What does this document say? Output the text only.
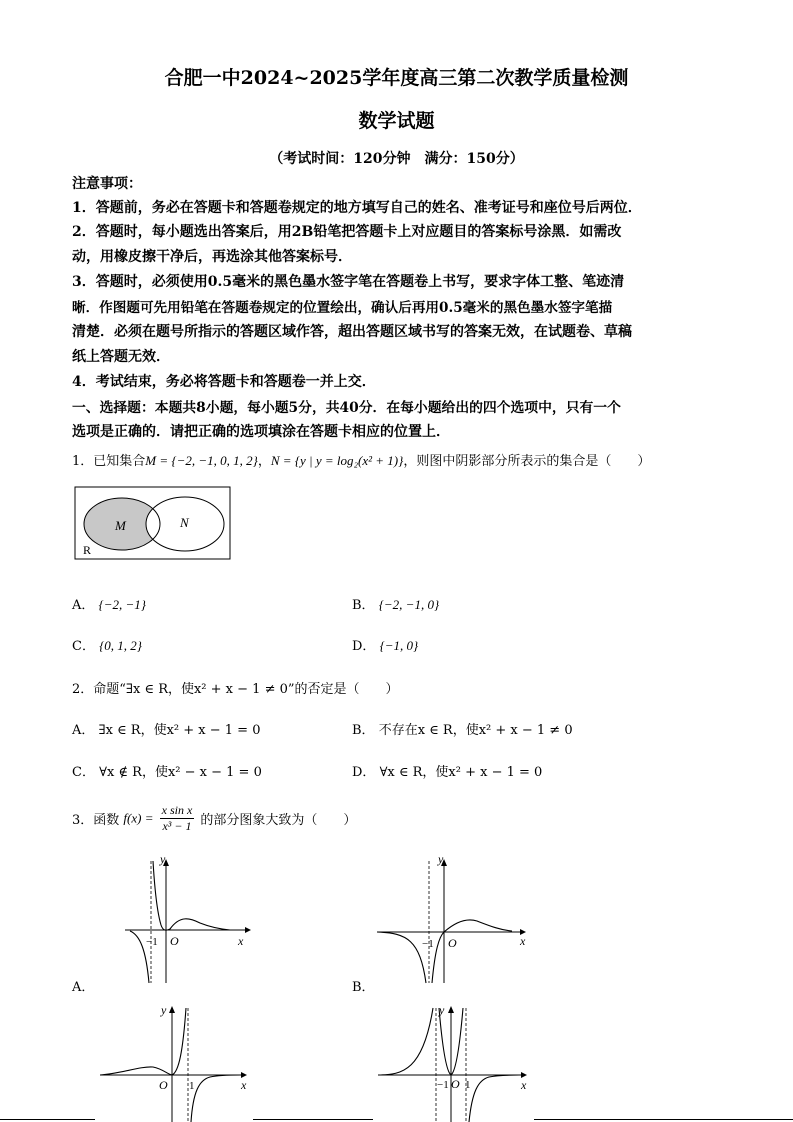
合肥一中2024~2025学年度高三第二次教学质量检测
数学试题
（考试时间：120分钟　满分：150分）
注意事项：
1．答题前，务必在答题卡和答题卷规定的地方填写自己的姓名、准考证号和座位号后两位．
2．答题时，每小题选出答案后，用2B铅笔把答题卡上对应题目的答案标号涂黑．如需改
动，用橡皮擦干净后，再选涂其他答案标号．
3．答题时，必须使用0.5毫米的黑色墨水签字笔在答题卷上书写，要求字体工整、笔迹清
晰．作图题可先用铅笔在答题卷规定的位置绘出，确认后再用0.5毫米的黑色墨水签字笔描
清楚．必须在题号所指示的答题区域作答，超出答题区域书写的答案无效，在试题卷、草稿
纸上答题无效．
4．考试结束，务必将答题卡和答题卷一并上交．
一、选择题：本题共8小题，每小题5分，共40分．在每小题给出的四个选项中，只有一个
选项是正确的．请把正确的选项填涂在答题卡相应的位置上．
1．已知集合M = {−2, −1, 0, 1, 2}，N = {y | y = log₂(x² + 1)}，则图中阴影部分所表示的集合是（　　）
M	N
R
A． {−2, −1}	B． {−2, −1, 0}
C． {0, 1, 2}	D． {−1, 0}
2．命题“∃x ∈ R，使x² + x − 1 ≠ 0”的否定是（　　）
A． ∃x ∈ R，使x² + x − 1 = 0	B． 不存在x ∈ R，使x² + x − 1 ≠ 0
C． ∀x ∉ R，使x² − x − 1 = 0	D． ∀x ∈ R，使x² + x − 1 = 0
3．函数 $f(x) = \frac{\text{x sin x}}{\text{x³ − 1}}$ 的部分图象大致为（　　）
y
x
O
−1
A．
y
x
O
−1
B．
y
x
O 1
y
x
−1 O 1
